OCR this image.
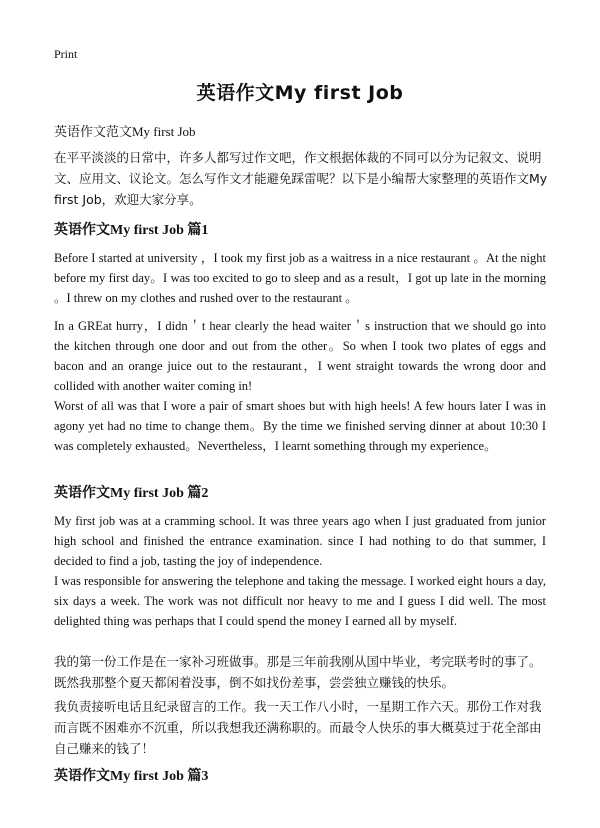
Print
英语作文My first Job
英语作文范文My first Job
在平平淡淡的日常中，许多人都写过作文吧，作文根据体裁的不同可以分为记叙文、说明文、应用文、议论文。怎么写作文才能避免踩雷呢？以下是小编帮大家整理的英语作文My first Job，欢迎大家分享。
英语作文My first Job 篇1
Before I started at university ，I took my first job as a waitress in a nice restaurant 。At the night before my first day。I was too excited to go to sleep and as a result，I got up late in the morning 。I threw on my clothes and rushed over to the restaurant 。
In a GREat hurry，I didn＇t hear clearly the head waiter＇s instruction that we should go into the kitchen through one door and out from the other。So when I took two plates of eggs and bacon and an orange juice out to the restaurant，I went straight towards the wrong door and collided with another waiter coming in!
Worst of all was that I wore a pair of smart shoes but with high heels! A few hours later I was in agony yet had no time to change them。By the time we finished serving dinner at about 10:30 I was completely exhausted。Nevertheless，I learnt something through my experience。
英语作文My first Job 篇2
My first job was at a cramming school. It was three years ago when I just graduated from junior high school and finished the entrance examination. since I had nothing to do that summer, I decided to find a job, tasting the joy of independence.
I was responsible for answering the telephone and taking the message. I worked eight hours a day, six days a week. The work was not difficult nor heavy to me and I guess I did well. The most delighted thing was perhaps that I could spend the money I earned all by myself.
我的第一份工作是在一家补习班做事。那是三年前我刚从国中毕业，考完联考时的事了。既然我那整个夏天都闲着没事，倒不如找份差事，尝尝独立赚钱的快乐。
我负责接听电话且纪录留言的工作。我一天工作八小时，一星期工作六天。那份工作对我而言既不困难亦不沉重，所以我想我还满称职的。而最令人快乐的事大概莫过于花全部由自己赚来的钱了！
英语作文My first Job 篇3
